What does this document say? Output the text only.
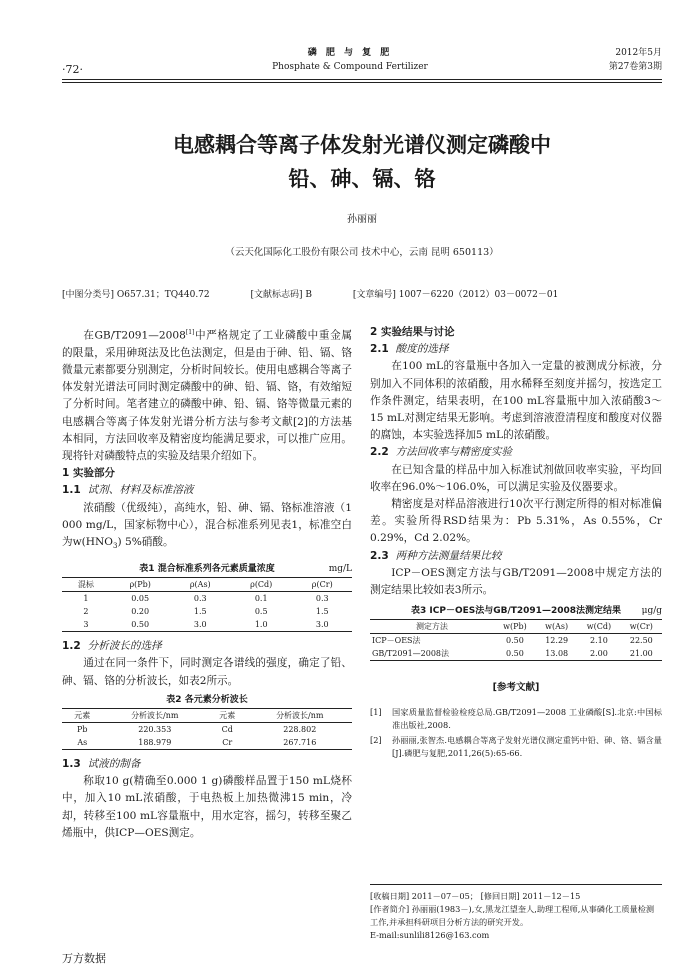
·72·
磷 肥 与 复 肥
Phosphate & Compound Fertilizer
2012年5月
第27卷第3期
电感耦合等离子体发射光谱仪测定磷酸中
铅、砷、镉、铬
孙丽丽
（云天化国际化工股份有限公司 技术中心，云南 昆明 650113）
[中图分类号] O657.31；TQ440.72	[文献标志码] B	[文章编号] 1007－6220（2012）03－0072－01

在GB/T2091—2008[1]中严格规定了工业磷酸中重金属的限量，采用砷斑法及比色法测定，但是由于砷、铅、镉、铬微量元素都要分别测定，分析时间较长。使用电感耦合等离子体发射光谱法可同时测定磷酸中的砷、铅、镉、铬，有效缩短了分析时间。笔者建立的磷酸中砷、铅、镉、铬等微量元素的电感耦合等离子体发射光谱分析方法与参考文献[2]的方法基本相同，方法回收率及精密度均能满足要求，可以推广应用。现将针对磷酸特点的实验及结果介绍如下。

1 实验部分

1.1 试剂、材料及标准溶液

浓硝酸（优级纯），高纯水，铅、砷、镉、铬标准溶液（1 000 mg/L，国家标物中心），混合标准系列见表1，标准空白为$w(HNO_3)$ 5%硝酸。

表1 混合标准系列各元素质量浓度	mg/L
混标	ρ(Pb)	ρ(As)	ρ(Cd)	ρ(Cr)
1	0.05	0.3	0.1	0.3
2	0.20	1.5	0.5	1.5
3	0.50	3.0	1.0	3.0

1.2 分析波长的选择

通过在同一条件下，同时测定各谱线的强度，确定了铅、砷、镉、铬的分析波长，如表2所示。

表2 各元素分析波长
元素	分析波长/nm	元素	分析波长/nm
Pb	220.353	Cd	228.802
As	188.979	Cr	267.716

1.3 试液的制备

称取10 g(精确至0.000 1 g)磷酸样品置于150 mL烧杯中，加入10 mL浓硝酸，于电热板上加热微沸15 min，冷却，转移至100 mL容量瓶中，用水定容，摇匀，转移至聚乙烯瓶中，供ICP—OES测定。

2 实验结果与讨论

2.1 酸度的选择

在100 mL的容量瓶中各加入一定量的被测成分标液，分别加入不同体积的浓硝酸，用水稀释至刻度并摇匀，按选定工作条件测定，结果表明，在100 mL容量瓶中加入浓硝酸3～15 mL对测定结果无影响。考虑到溶液澄清程度和酸度对仪器的腐蚀，本实验选择加5 mL的浓硝酸。

2.2 方法回收率与精密度实验

在已知含量的样品中加入标准试剂做回收率实验，平均回收率在96.0%～106.0%，可以满足实验及仪器要求。

精密度是对样品溶液进行10次平行测定所得的相对标准偏差。实验所得RSD结果为：Pb 5.31%，As 0.55%，Cr 0.29%，Cd 2.02%。

2.3 两种方法测量结果比较

ICP－OES测定方法与GB/T2091—2008中规定方法的测定结果比较如表3所示。

表3 ICP－OES法与GB/T2091—2008法测定结果 μg/g
测定方法	w(Pb)	w(As)	w(Cd)	w(Cr)
ICP－OES法	0.50	12.29	2.10	22.50
GB/T2091—2008法	0.50	13.08	2.00	21.00
[参考文献]
[1]	国家质量监督检验检疫总局.GB/T2091—2008 工业磷酸[S].北京:中国标准出版社,2008.
[2]	孙丽丽,张智杰.电感耦合等离子发射光谱仪测定重钙中铅、砷、铬、镉含量[J].磷肥与复肥,2011,26(5):65-66.
[收稿日期] 2011－07－05； [修回日期] 2011－12－15
[作者简介] 孙丽丽(1983－),女,黑龙江望奎人,助理工程师,从事磷化工质量检测工作,并承担科研项目分析方法的研究开发。
E-mail:sunlili8126@163.com
万方数据
